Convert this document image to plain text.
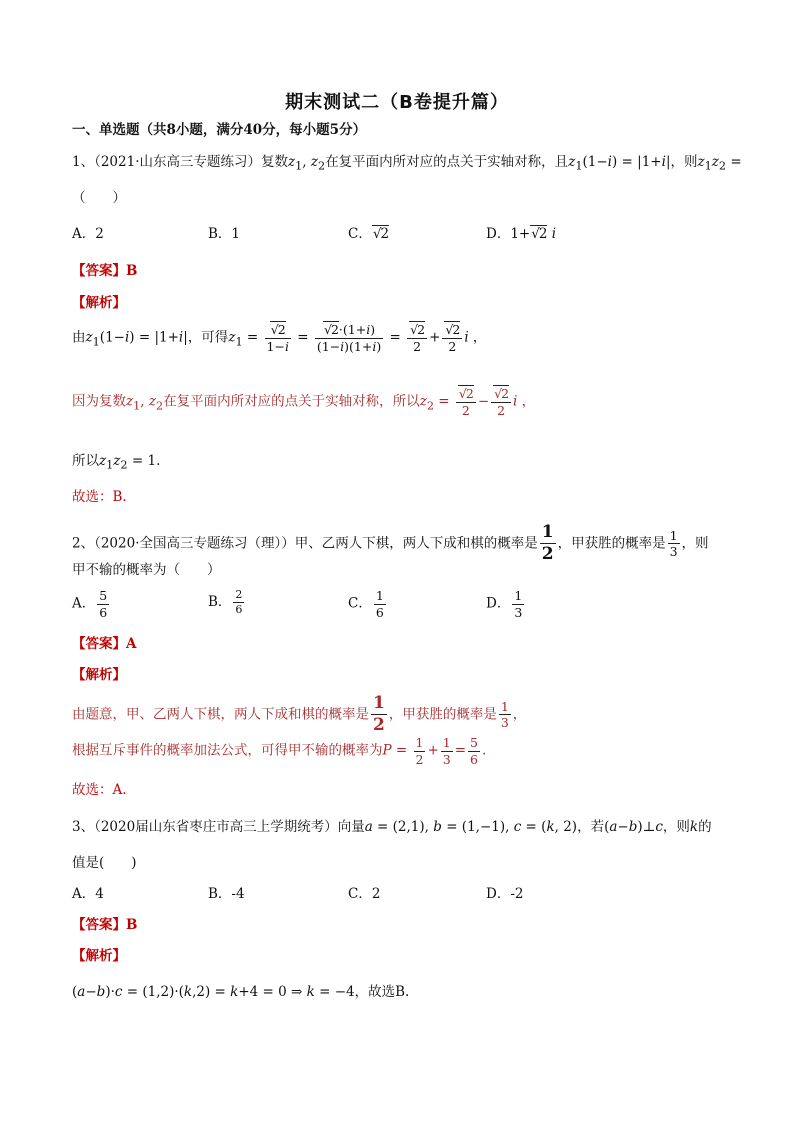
期末测试二（B卷提升篇）
一、单选题（共8小题，满分40分，每小题5分）
1、（2021·山东高三专题练习）复数$z_1$, $z_2$在复平面内所对应的点关于实轴对称，且$z_1(1-i) = |1+i|$，则$z_1z_2$ =
（　　）
A．2	B．1	C． √ 2	D．1+ √ 2 i
【答案】B
【解析】
由$z_1(1-i) = |1+i|$，可得$z_1$ = √ $\frac{2}{1-i}$ = √ $\frac{2\cdot(1+i)}{(1-i)(1+i)}$ = √ $\frac{2}{2}$ + √ $\frac{2}{2}$ i ，
因为复数$z_1$, $z_2$在复平面内所对应的点关于实轴对称，所以$z_2$ = √ $\frac{2}{2}$ − √ $\frac{2}{2}$ i ，
所以$z_1z_2 = 1$.
故选：B.
2、（2020·全国高三专题练习（理））甲、乙两人下棋，两人下成和棋的概率是 $\frac{1}{2}$ ，甲获胜的概率是 $\frac{1}{3}$ ，则
甲不输的概率为（　　）
A． $\frac{5}{6}$	B． $\frac{2}{6}$	C． $\frac{1}{6}$	D． $\frac{1}{3}$
【答案】A
【解析】
由题意，甲、乙两人下棋，两人下成和棋的概率是 $\frac{1}{2}$ ，甲获胜的概率是 $\frac{1}{3}$ ，
根据互斥事件的概率加法公式，可得甲不输的概率为$P = \frac{1}{2} + \frac{1}{3} = \frac{5}{6}$ .
故选：A.
3、（2020届山东省枣庄市高三上学期统考）向量a = (2,1), b = (1,−1), c = (k, 2)，若(a−b)⊥c，则k的
值是(　　)
A．4	B．-4	C．2	D．-2
【答案】B
【解析】
(a−b)·c = (1,2)·(k,2) = k+4 = 0 ⇒ k = −4，故选B.
